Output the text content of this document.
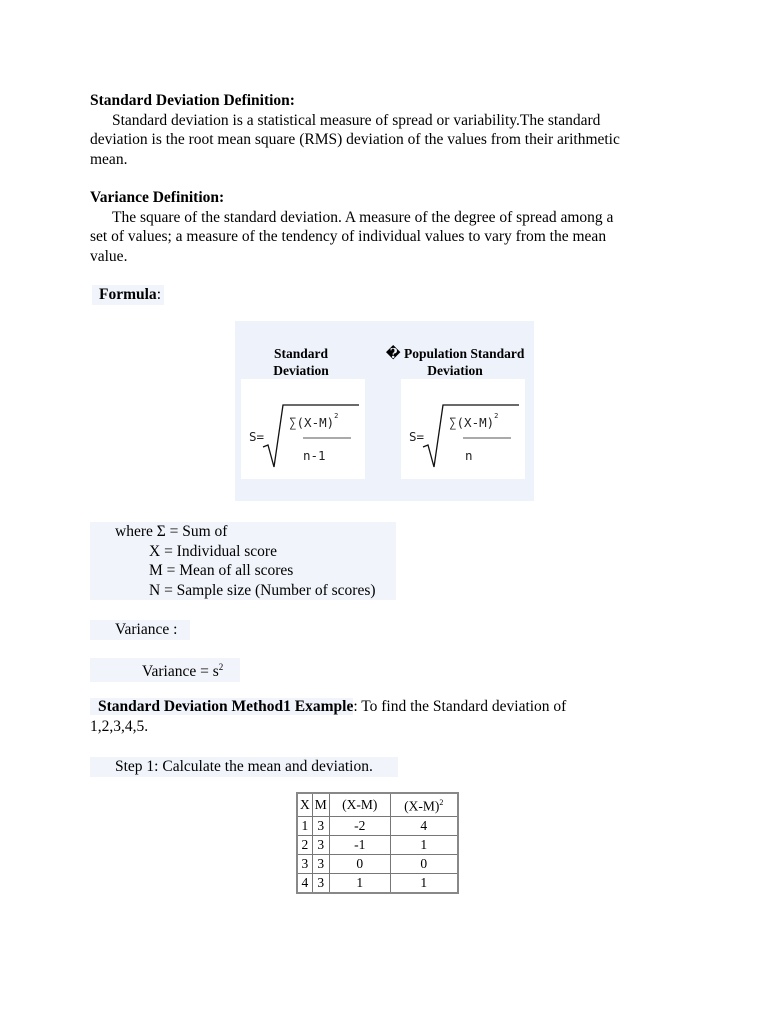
Standard Deviation Definition:
Standard deviation is a statistical measure of spread or variability.The standard
deviation is the root mean square (RMS) deviation of the values from their arithmetic
mean.
Variance Definition:
The square of the standard deviation. A measure of the degree of spread among a
set of values; a measure of the tendency of individual values to vary from the mean
value.
Formula:
Standard
Deviation
� Population Standard
Deviation
S=
$\sum(X-M)^2$
n-1
S=
$\sum(X-M)^2$
n
where Σ = Sum of
X = Individual score
M = Mean of all scores
N = Sample size (Number of scores)
Variance :
Variance = $s^2$
Standard Deviation Method1 Example: To find the Standard deviation of
1,2,3,4,5.
Step 1: Calculate the mean and deviation.
X	M	(X-M)	$(X-M)^2$
1	3	-2	4
2	3	-1	1
3	3	0	0
4	3	1	1
